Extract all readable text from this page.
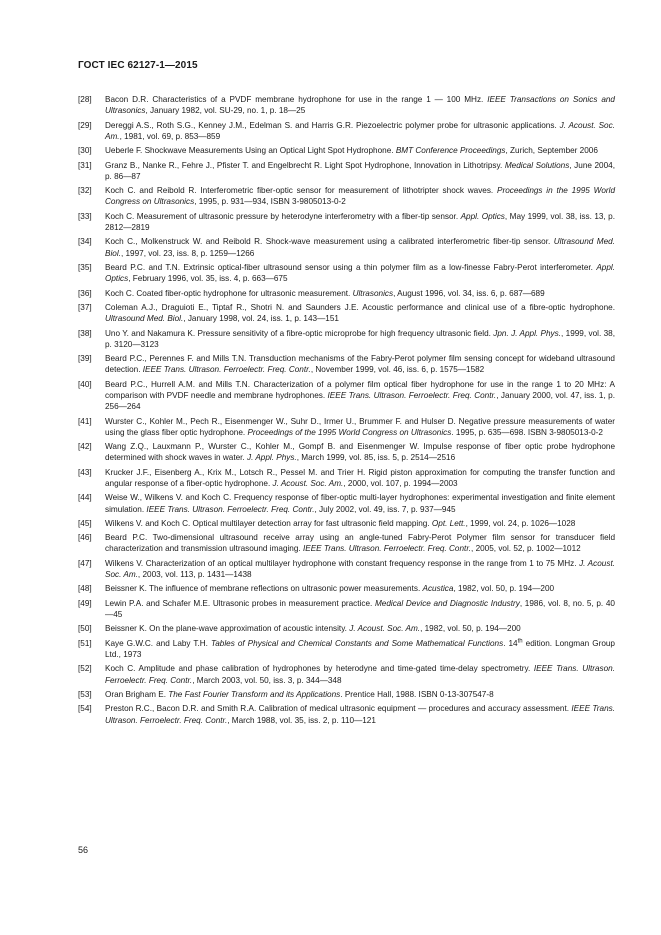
ГОСТ IEC 62127-1—2015
[28]	Bacon D.R. Characteristics of a PVDF membrane hydrophone for use in the range 1 — 100 MHz. IEEE Transactions on Sonics and Ultrasonics, January 1982, vol. SU-29, no. 1, p. 18—25
[29]	Dereggi A.S., Roth S.G., Kenney J.M., Edelman S. and Harris G.R. Piezoelectric polymer probe for ultrasonic applications. J. Acoust. Soc. Am., 1981, vol. 69, p. 853—859
[30]	Ueberle F. Shockwave Measurements Using an Optical Light Spot Hydrophone. BMT Conference Proceedings, Zurich, September 2006
[31]	Granz B., Nanke R., Fehre J., Pfister T. and Engelbrecht R. Light Spot Hydrophone, Innovation in Lithotripsy. Medical Solutions, June 2004, p. 86—87
[32]	Koch C. and Reibold R. Interferometric fiber-optic sensor for measurement of lithotripter shock waves. Proceedings in the 1995 World Congress on Ultrasonics, 1995, p. 931—934, ISBN 3-9805013-0-2
[33]	Koch C. Measurement of ultrasonic pressure by heterodyne interferometry with a fiber-tip sensor. Appl. Optics, May 1999, vol. 38, iss. 13, p. 2812—2819
[34]	Koch C., Molkenstruck W. and Reibold R. Shock-wave measurement using a calibrated interferometric fiber-tip sensor. Ultrasound Med. Biol., 1997, vol. 23, iss. 8, p. 1259—1266
[35]	Beard P.C. and T.N. Extrinsic optical-fiber ultrasound sensor using a thin polymer film as a low-finesse Fabry-Perot interferometer. Appl. Optics, February 1996, vol. 35, iss. 4, p. 663—675
[36]	Koch C. Coated fiber-optic hydrophone for ultrasonic measurement. Ultrasonics, August 1996, vol. 34, iss. 6, p. 687—689
[37]	Coleman A.J., Draguioti E., Tiptaf R., Shotri N. and Saunders J.E. Acoustic performance and clinical use of a fibre-optic hydrophone. Ultrasound Med. Biol., January 1998, vol. 24, iss. 1, p. 143—151
[38]	Uno Y. and Nakamura K. Pressure sensitivity of a fibre-optic microprobe for high frequency ultrasonic field. Jpn. J. Appl. Phys., 1999, vol. 38, p. 3120—3123
[39]	Beard P.C., Perennes F. and Mills T.N. Transduction mechanisms of the Fabry-Perot polymer film sensing concept for wideband ultrasound detection. IEEE Trans. Ultrason. Ferroelectr. Freq. Contr., November 1999, vol. 46, iss. 6, p. 1575—1582
[40]	Beard P.C., Hurrell A.M. and Mills T.N. Characterization of a polymer film optical fiber hydrophone for use in the range 1 to 20 MHz: A comparison with PVDF needle and membrane hydrophones. IEEE Trans. Ultrason. Ferroelectr. Freq. Contr., January 2000, vol. 47, iss. 1, p. 256—264
[41]	Wurster C., Kohler M., Pech R., Eisenmenger W., Suhr D., Irmer U., Brummer F. and Hulser D. Negative pressure measurements of water using the glass fiber optic hydrophone. Proceedings of the 1995 World Congress on Ultrasonics. 1995, p. 635—698. ISBN 3-9805013-0-2
[42]	Wang Z.Q., Lauxmann P., Wurster C., Kohler M., Gompf B. and Eisenmenger W. Impulse response of fiber optic probe hydrophone determined with shock waves in water. J. Appl. Phys., March 1999, vol. 85, iss. 5, p. 2514—2516
[43]	Krucker J.F., Eisenberg A., Krix M., Lotsch R., Pessel M. and Trier H. Rigid piston approximation for computing the transfer function and angular response of a fiber-optic hydrophone. J. Acoust. Soc. Am., 2000, vol. 107, p. 1994—2003
[44]	Weise W., Wilkens V. and Koch C. Frequency response of fiber-optic multi-layer hydrophones: experimental investigation and finite element simulation. IEEE Trans. Ultrason. Ferroelectr. Freq. Contr., July 2002, vol. 49, iss. 7, p. 937—945
[45]	Wilkens V. and Koch C. Optical multilayer detection array for fast ultrasonic field mapping. Opt. Lett., 1999, vol. 24, p. 1026—1028
[46]	Beard P.C. Two-dimensional ultrasound receive array using an angle-tuned Fabry-Perot Polymer film sensor for transducer field characterization and transmission ultrasound imaging. IEEE Trans. Ultrason. Ferroelectr. Freq. Contr., 2005, vol. 52, p. 1002—1012
[47]	Wilkens V. Characterization of an optical multilayer hydrophone with constant frequency response in the range from 1 to 75 MHz. J. Acoust. Soc. Am., 2003, vol. 113, p. 1431—1438
[48]	Beissner K. The influence of membrane reflections on ultrasonic power measurements. Acustica, 1982, vol. 50, p. 194—200
[49]	Lewin P.A. and Schafer M.E. Ultrasonic probes in measurement practice. Medical Device and Diagnostic Industry, 1986, vol. 8, no. 5, p. 40—45
[50]	Beissner K. On the plane-wave approximation of acoustic intensity. J. Acoust. Soc. Am., 1982, vol. 50, p. 194—200
[51]	Kaye G.W.C. and Laby T.H. Tables of Physical and Chemical Constants and Some Mathematical Functions. 14th edition. Longman Group Ltd., 1973
[52]	Koch C. Amplitude and phase calibration of hydrophones by heterodyne and time-gated time-delay spectrometry. IEEE Trans. Ultrason. Ferroelectr. Freq. Contr., March 2003, vol. 50, iss. 3, p. 344—348
[53]	Oran Brigham E. The Fast Fourier Transform and its Applications. Prentice Hall, 1988. ISBN 0-13-307547-8
[54]	Preston R.C., Bacon D.R. and Smith R.A. Calibration of medical ultrasonic equipment — procedures and accuracy assessment. IEEE Trans. Ultrason. Ferroelectr. Freq. Contr., March 1988, vol. 35, iss. 2, p. 110—121
56
